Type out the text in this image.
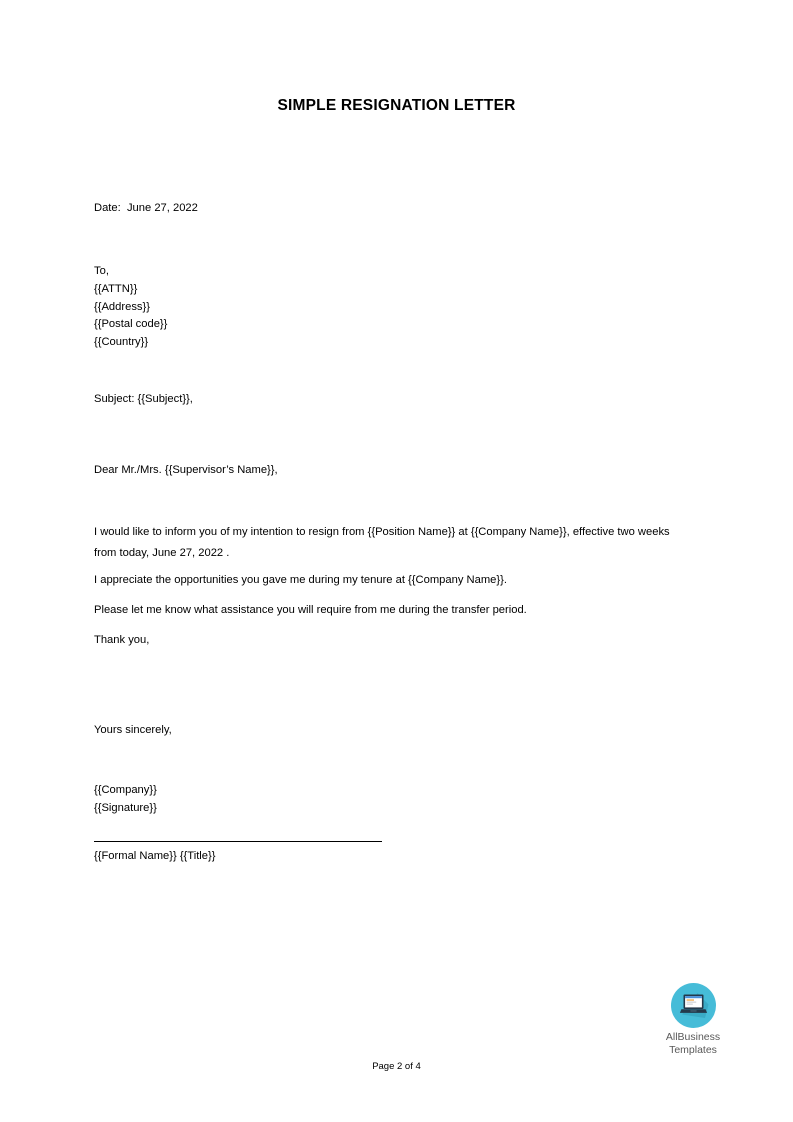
SIMPLE RESIGNATION LETTER
Date:  June 27, 2022
To,
{{ATTN}}
{{Address}}
{{Postal code}}
{{Country}}
Subject: {{Subject}},
Dear Mr./Mrs. {{Supervisor’s Name}},
I would like to inform you of my intention to resign from {{Position Name}} at {{Company Name}}, effective two weeks from today, June 27, 2022 .
I appreciate the opportunities you gave me during my tenure at {{Company Name}}.
Please let me know what assistance you will require from me during the transfer period.
Thank you,
Yours sincerely,
{{Company}}
{{Signature}}
{{Formal Name}} {{Title}}
AllBusiness
Templates
Page 2 of 4
